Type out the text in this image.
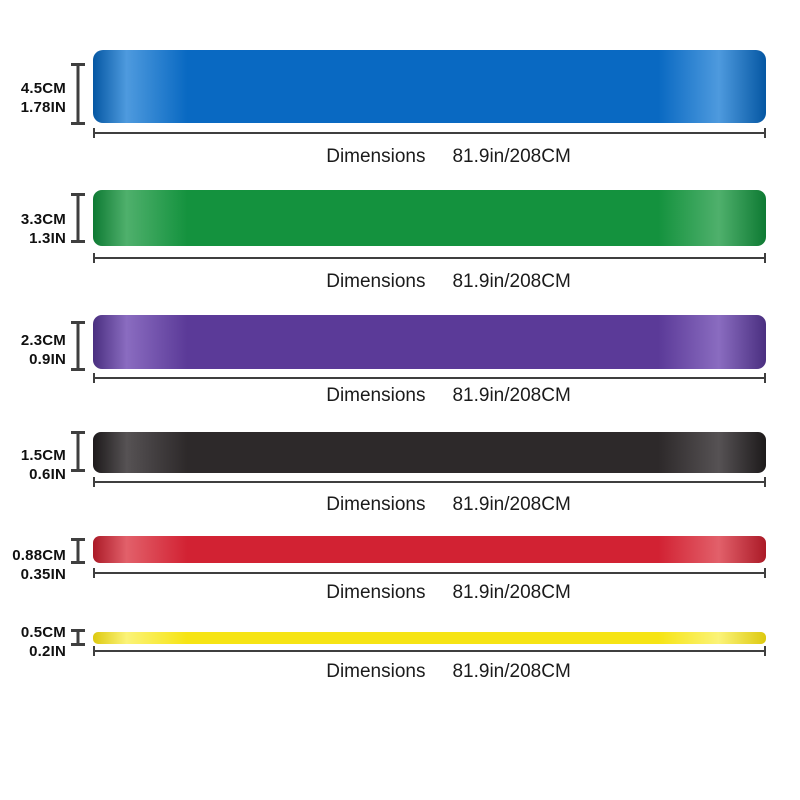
4.5CM
1.78IN
Dimensions 81.9in/208CM
3.3CM
1.3IN
Dimensions 81.9in/208CM
2.3CM
0.9IN
Dimensions 81.9in/208CM
1.5CM
0.6IN
Dimensions 81.9in/208CM
0.88CM
0.35IN
Dimensions 81.9in/208CM
0.5CM
0.2IN
Dimensions 81.9in/208CM
